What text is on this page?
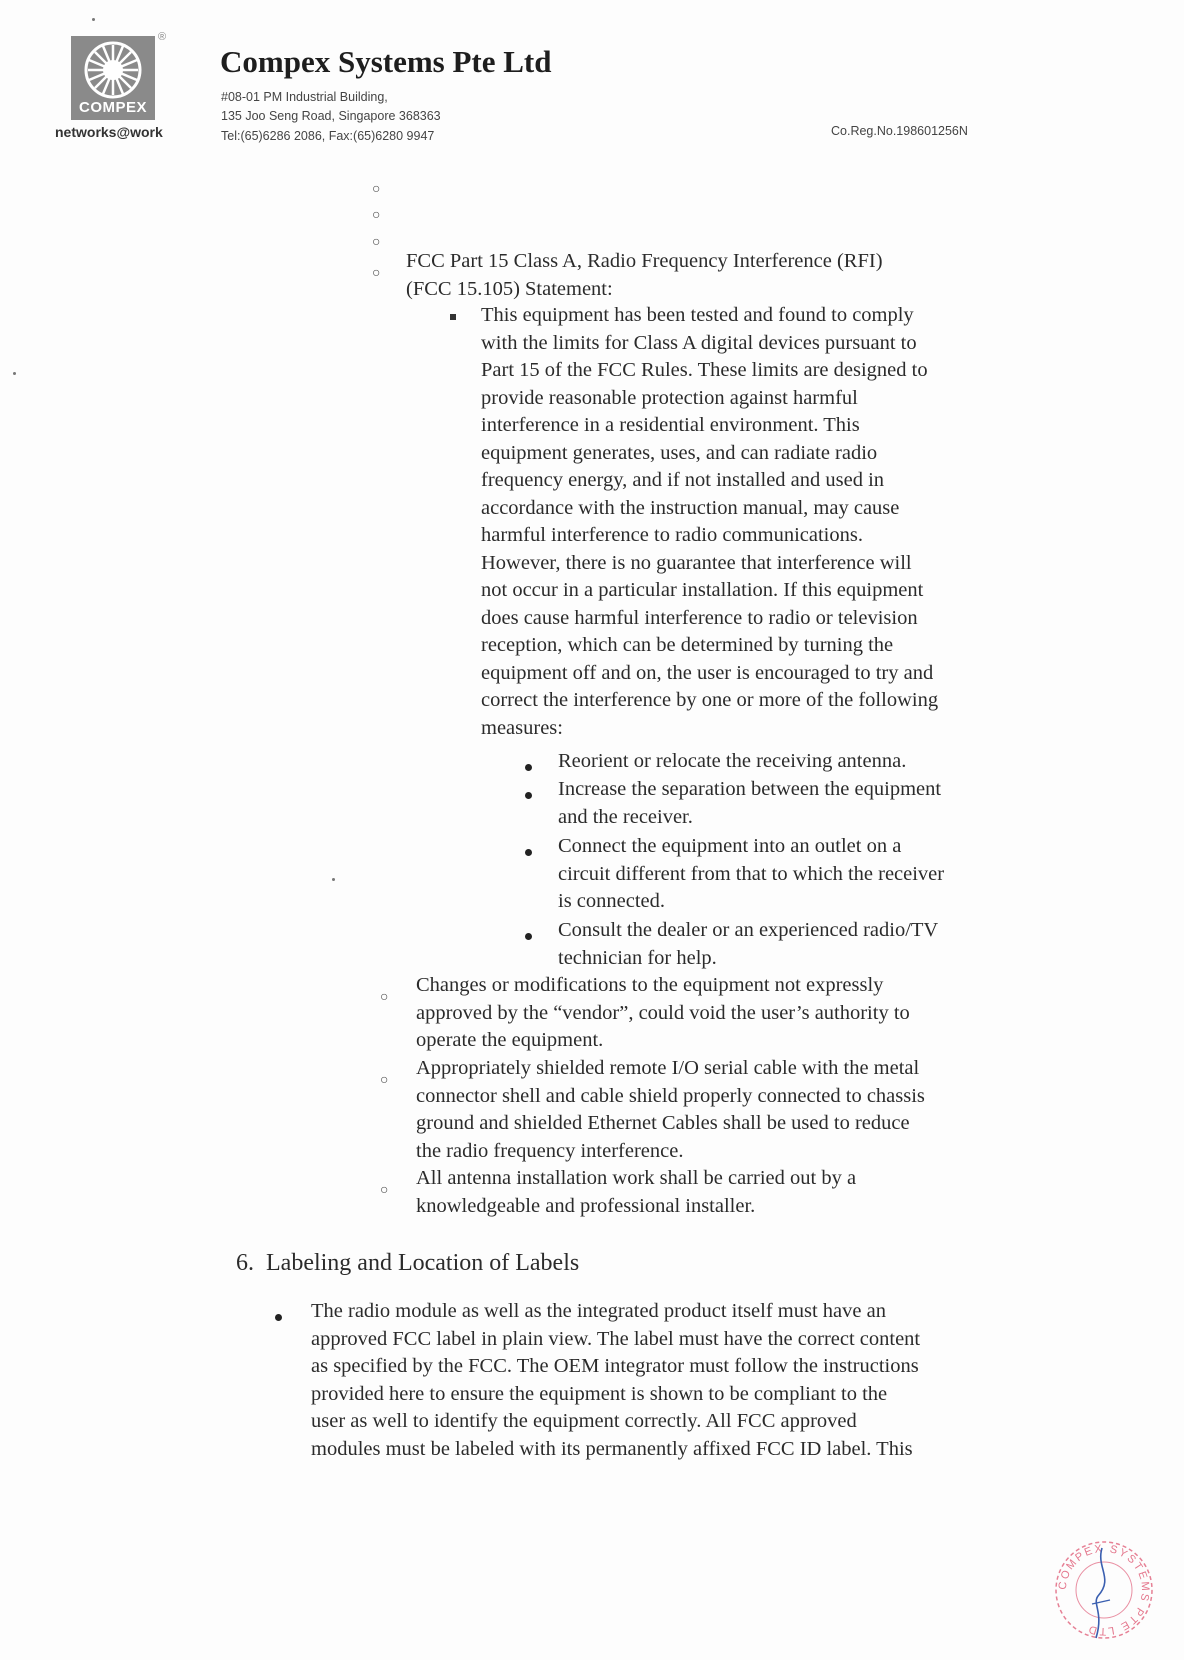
COMPEX
®
networks@work
Compex Systems Pte Ltd
#08-01 PM Industrial Building,
135 Joo Seng Road, Singapore 368363
Tel:(65)6286 2086, Fax:(65)6280 9947	Co.Reg.No.198601256N
○
○
○
○ FCC Part 15 Class A, Radio Frequency Interference (RFI)
(FCC 15.105) Statement:
This equipment has been tested and found to comply
with the limits for Class A digital devices pursuant to
Part 15 of the FCC Rules. These limits are designed to
provide reasonable protection against harmful
interference in a residential environment. This
equipment generates, uses, and can radiate radio
frequency energy, and if not installed and used in
accordance with the instruction manual, may cause
harmful interference to radio communications.
However, there is no guarantee that interference will
not occur in a particular installation. If this equipment
does cause harmful interference to radio or television
reception, which can be determined by turning the
equipment off and on, the user is encouraged to try and
correct the interference by one or more of the following
measures:
Reorient or relocate the receiving antenna.
Increase the separation between the equipment
and the receiver.
Connect the equipment into an outlet on a
circuit different from that to which the receiver
is connected.
Consult the dealer or an experienced radio/TV
technician for help.
○ Changes or modifications to the equipment not expressly
approved by the “vendor”, could void the user’s authority to
operate the equipment.
○ Appropriately shielded remote I/O serial cable with the metal
connector shell and cable shield properly connected to chassis
ground and shielded Ethernet Cables shall be used to reduce
the radio frequency interference.
○ All antenna installation work shall be carried out by a
knowledgeable and professional installer.
6. Labeling and Location of Labels
The radio module as well as the integrated product itself must have an
approved FCC label in plain view. The label must have the correct content
as specified by the FCC. The OEM integrator must follow the instructions
provided here to ensure the equipment is shown to be compliant to the
user as well to identify the equipment correctly. All FCC approved
modules must be labeled with its permanently affixed FCC ID label. This
COMPEX SYSTEMS PTE LTD
